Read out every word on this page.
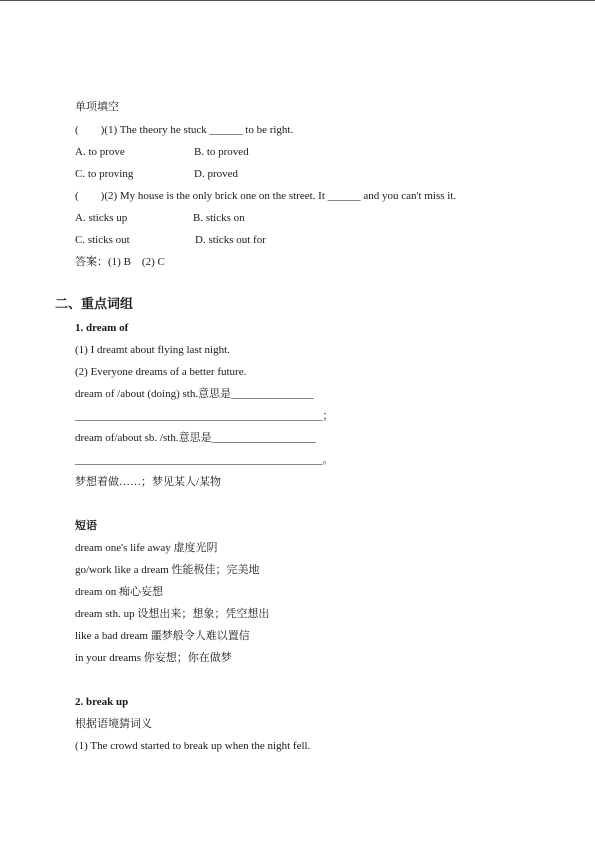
单项填空
(        )(1) The theory he stuck ______ to be right.
A. to prove	B. to proved
C. to proving	D. proved
(        )(2) My house is the only brick one on the street. It ______ and you can't miss it.
A. sticks up	B. sticks on
C. sticks out	D. sticks out for
答案：(1) B    (2) C
二、重点词组
1. dream of
(1) I dreamt about flying last night.
(2) Everyone dreams of a better future.
dream of /about (doing) sth.意思是_______________
_____________________________________________；
dream of/about sb. /sth.意思是___________________
_____________________________________________。
梦想着做……；梦见某人/某物
短语
dream one's life away 虚度光阴
go/work like a dream 性能极佳；完美地
dream on 痴心妄想
dream sth. up 设想出来；想象；凭空想出
like a bad dream 噩梦般令人难以置信
in your dreams 你妄想；你在做梦
2. break up
根据语境猜词义
(1) The crowd started to break up when the night fell.
